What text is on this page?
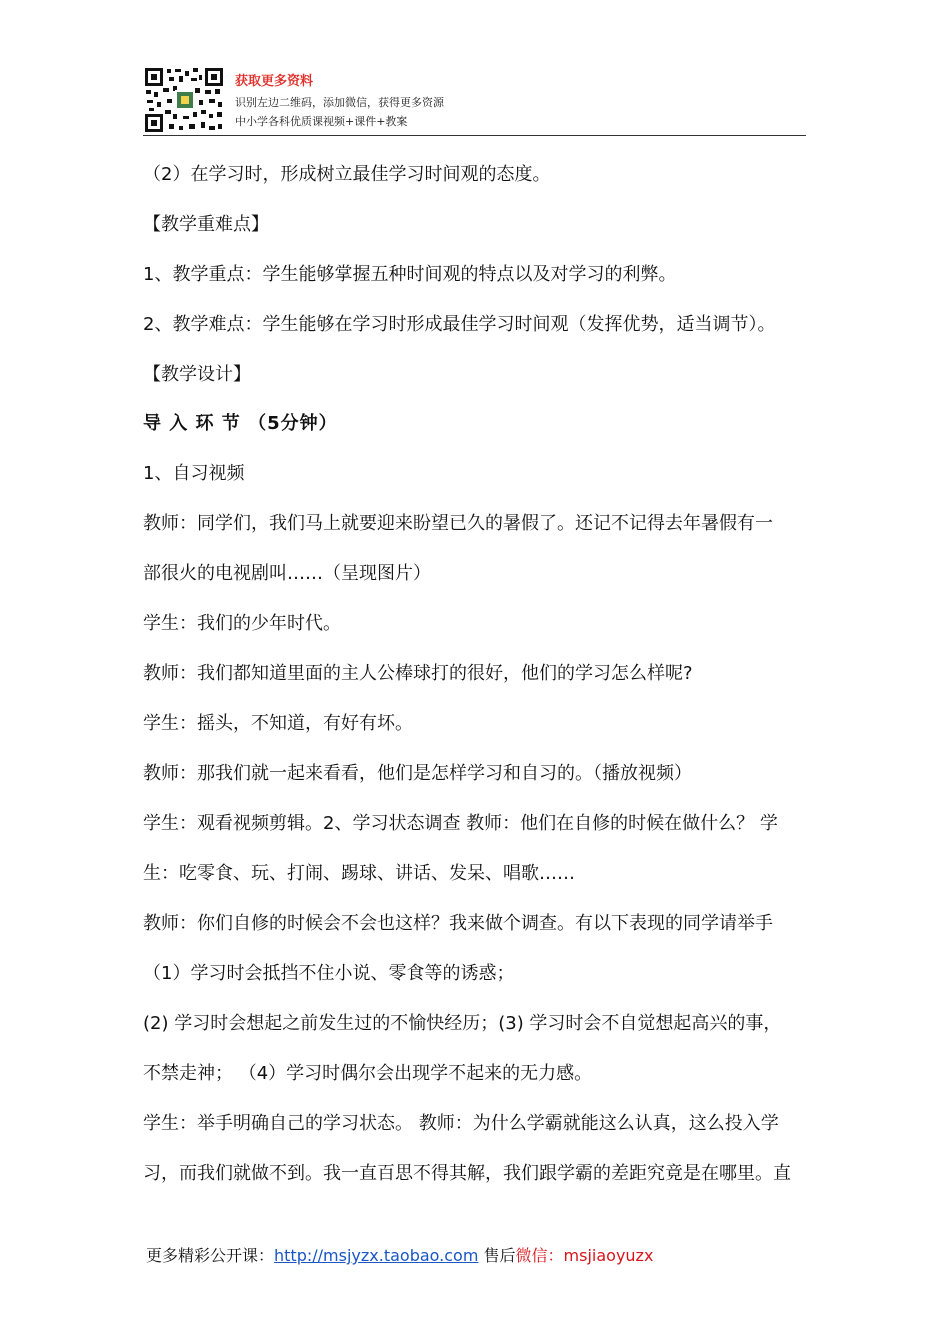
获取更多资料
识别左边二维码，添加微信，获得更多资源
中小学各科优质课视频+课件+教案
（2）在学习时，形成树立最佳学习时间观的态度。
【教学重难点】
1、教学重点：学生能够掌握五种时间观的特点以及对学习的利弊。
2、教学难点：学生能够在学习时形成最佳学习时间观（发挥优势，适当调节）。
【教学设计】
导 入 环 节 （5分钟）
1、自习视频
教师：同学们，我们马上就要迎来盼望已久的暑假了。还记不记得去年暑假有一
部很火的电视剧叫……（呈现图片）
学生：我们的少年时代。
教师：我们都知道里面的主人公棒球打的很好，他们的学习怎么样呢?
学生：摇头，不知道，有好有坏。
教师：那我们就一起来看看，他们是怎样学习和自习的。（播放视频）
学生：观看视频剪辑。2、学习状态调查 教师：他们在自修的时候在做什么？ 学
生：吃零食、玩、打闹、踢球、讲话、发呆、唱歌……
教师：你们自修的时候会不会也这样？我来做个调查。有以下表现的同学请举手
（1）学习时会抵挡不住小说、零食等的诱惑；
(2) 学习时会想起之前发生过的不愉快经历；(3) 学习时会不自觉想起高兴的事，
不禁走神； （4）学习时偶尔会出现学不起来的无力感。
学生：举手明确自己的学习状态。 教师：为什么学霸就能这么认真，这么投入学
习，而我们就做不到。我一直百思不得其解，我们跟学霸的差距究竟是在哪里。直
更多精彩公开课：http://msjyzx.taobao.com 售后微信：msjiaoyuzx
